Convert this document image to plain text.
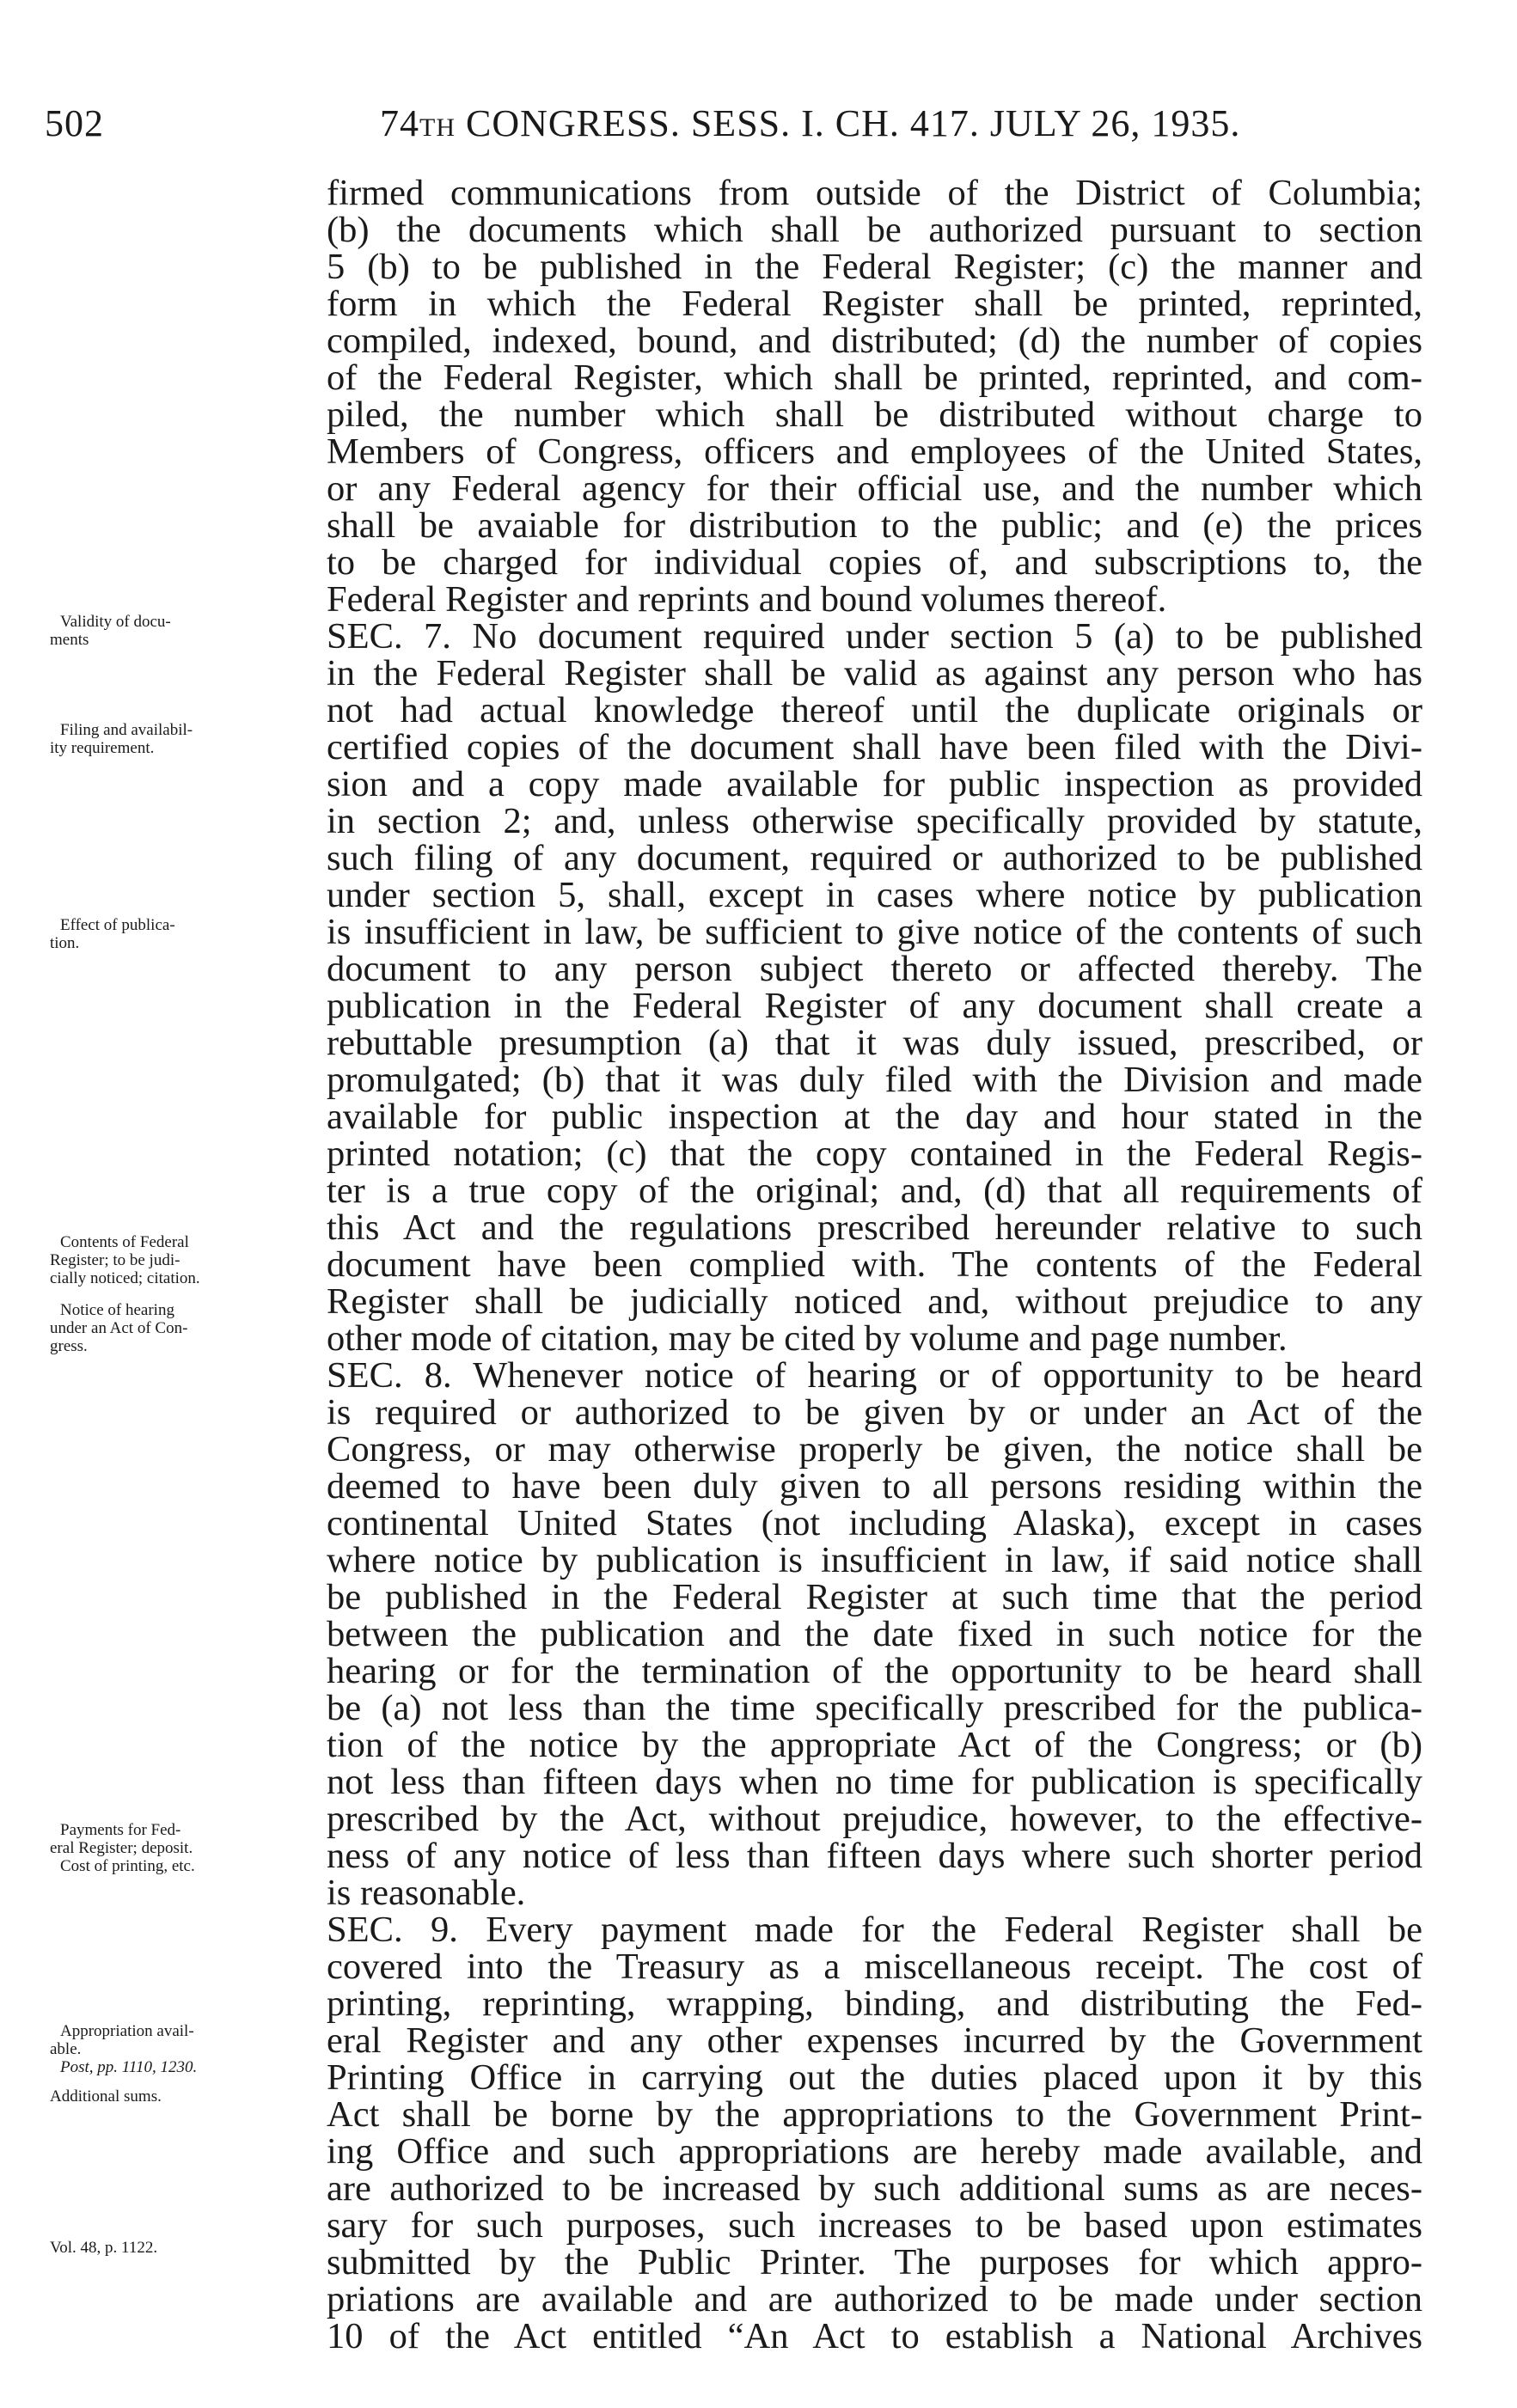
502	74TH CONGRESS. SESS. I. CH. 417. JULY 26, 1935.
Validity of docu-
ments
Filing and availabil-
ity requirement.
Effect of publica-
tion.
Contents of Federal
Register; to be judi-
cially noticed; citation.
Notice of hearing
under an Act of Con-
gress.
Payments for Fed-
eral Register; deposit.
Cost of printing, etc.
Appropriation avail-
able.
Post, pp. 1110, 1230.
Additional sums.
Vol. 48, p. 1122.
firmed communications from outside of the District of Columbia;
(b) the documents which shall be authorized pursuant to section
5 (b) to be published in the Federal Register; (c) the manner and
form in which the Federal Register shall be printed, reprinted,
compiled, indexed, bound, and distributed; (d) the number of copies
of the Federal Register, which shall be printed, reprinted, and com-
piled, the number which shall be distributed without charge to
Members of Congress, officers and employees of the United States,
or any Federal agency for their official use, and the number which
shall be avaiable for distribution to the public; and (e) the prices
to be charged for individual copies of, and subscriptions to, the
Federal Register and reprints and bound volumes thereof.
SEC. 7. No document required under section 5 (a) to be published
in the Federal Register shall be valid as against any person who has
not had actual knowledge thereof until the duplicate originals or
certified copies of the document shall have been filed with the Divi-
sion and a copy made available for public inspection as provided
in section 2; and, unless otherwise specifically provided by statute,
such filing of any document, required or authorized to be published
under section 5, shall, except in cases where notice by publication
is insufficient in law, be sufficient to give notice of the contents of such
document to any person subject thereto or affected thereby. The
publication in the Federal Register of any document shall create a
rebuttable presumption (a) that it was duly issued, prescribed, or
promulgated; (b) that it was duly filed with the Division and made
available for public inspection at the day and hour stated in the
printed notation; (c) that the copy contained in the Federal Regis-
ter is a true copy of the original; and, (d) that all requirements of
this Act and the regulations prescribed hereunder relative to such
document have been complied with. The contents of the Federal
Register shall be judicially noticed and, without prejudice to any
other mode of citation, may be cited by volume and page number.
SEC. 8. Whenever notice of hearing or of opportunity to be heard
is required or authorized to be given by or under an Act of the
Congress, or may otherwise properly be given, the notice shall be
deemed to have been duly given to all persons residing within the
continental United States (not including Alaska), except in cases
where notice by publication is insufficient in law, if said notice shall
be published in the Federal Register at such time that the period
between the publication and the date fixed in such notice for the
hearing or for the termination of the opportunity to be heard shall
be (a) not less than the time specifically prescribed for the publica-
tion of the notice by the appropriate Act of the Congress; or (b)
not less than fifteen days when no time for publication is specifically
prescribed by the Act, without prejudice, however, to the effective-
ness of any notice of less than fifteen days where such shorter period
is reasonable.
SEC. 9. Every payment made for the Federal Register shall be
covered into the Treasury as a miscellaneous receipt. The cost of
printing, reprinting, wrapping, binding, and distributing the Fed-
eral Register and any other expenses incurred by the Government
Printing Office in carrying out the duties placed upon it by this
Act shall be borne by the appropriations to the Government Print-
ing Office and such appropriations are hereby made available, and
are authorized to be increased by such additional sums as are neces-
sary for such purposes, such increases to be based upon estimates
submitted by the Public Printer. The purposes for which appro-
priations are available and are authorized to be made under section
10 of the Act entitled “An Act to establish a National Archives
